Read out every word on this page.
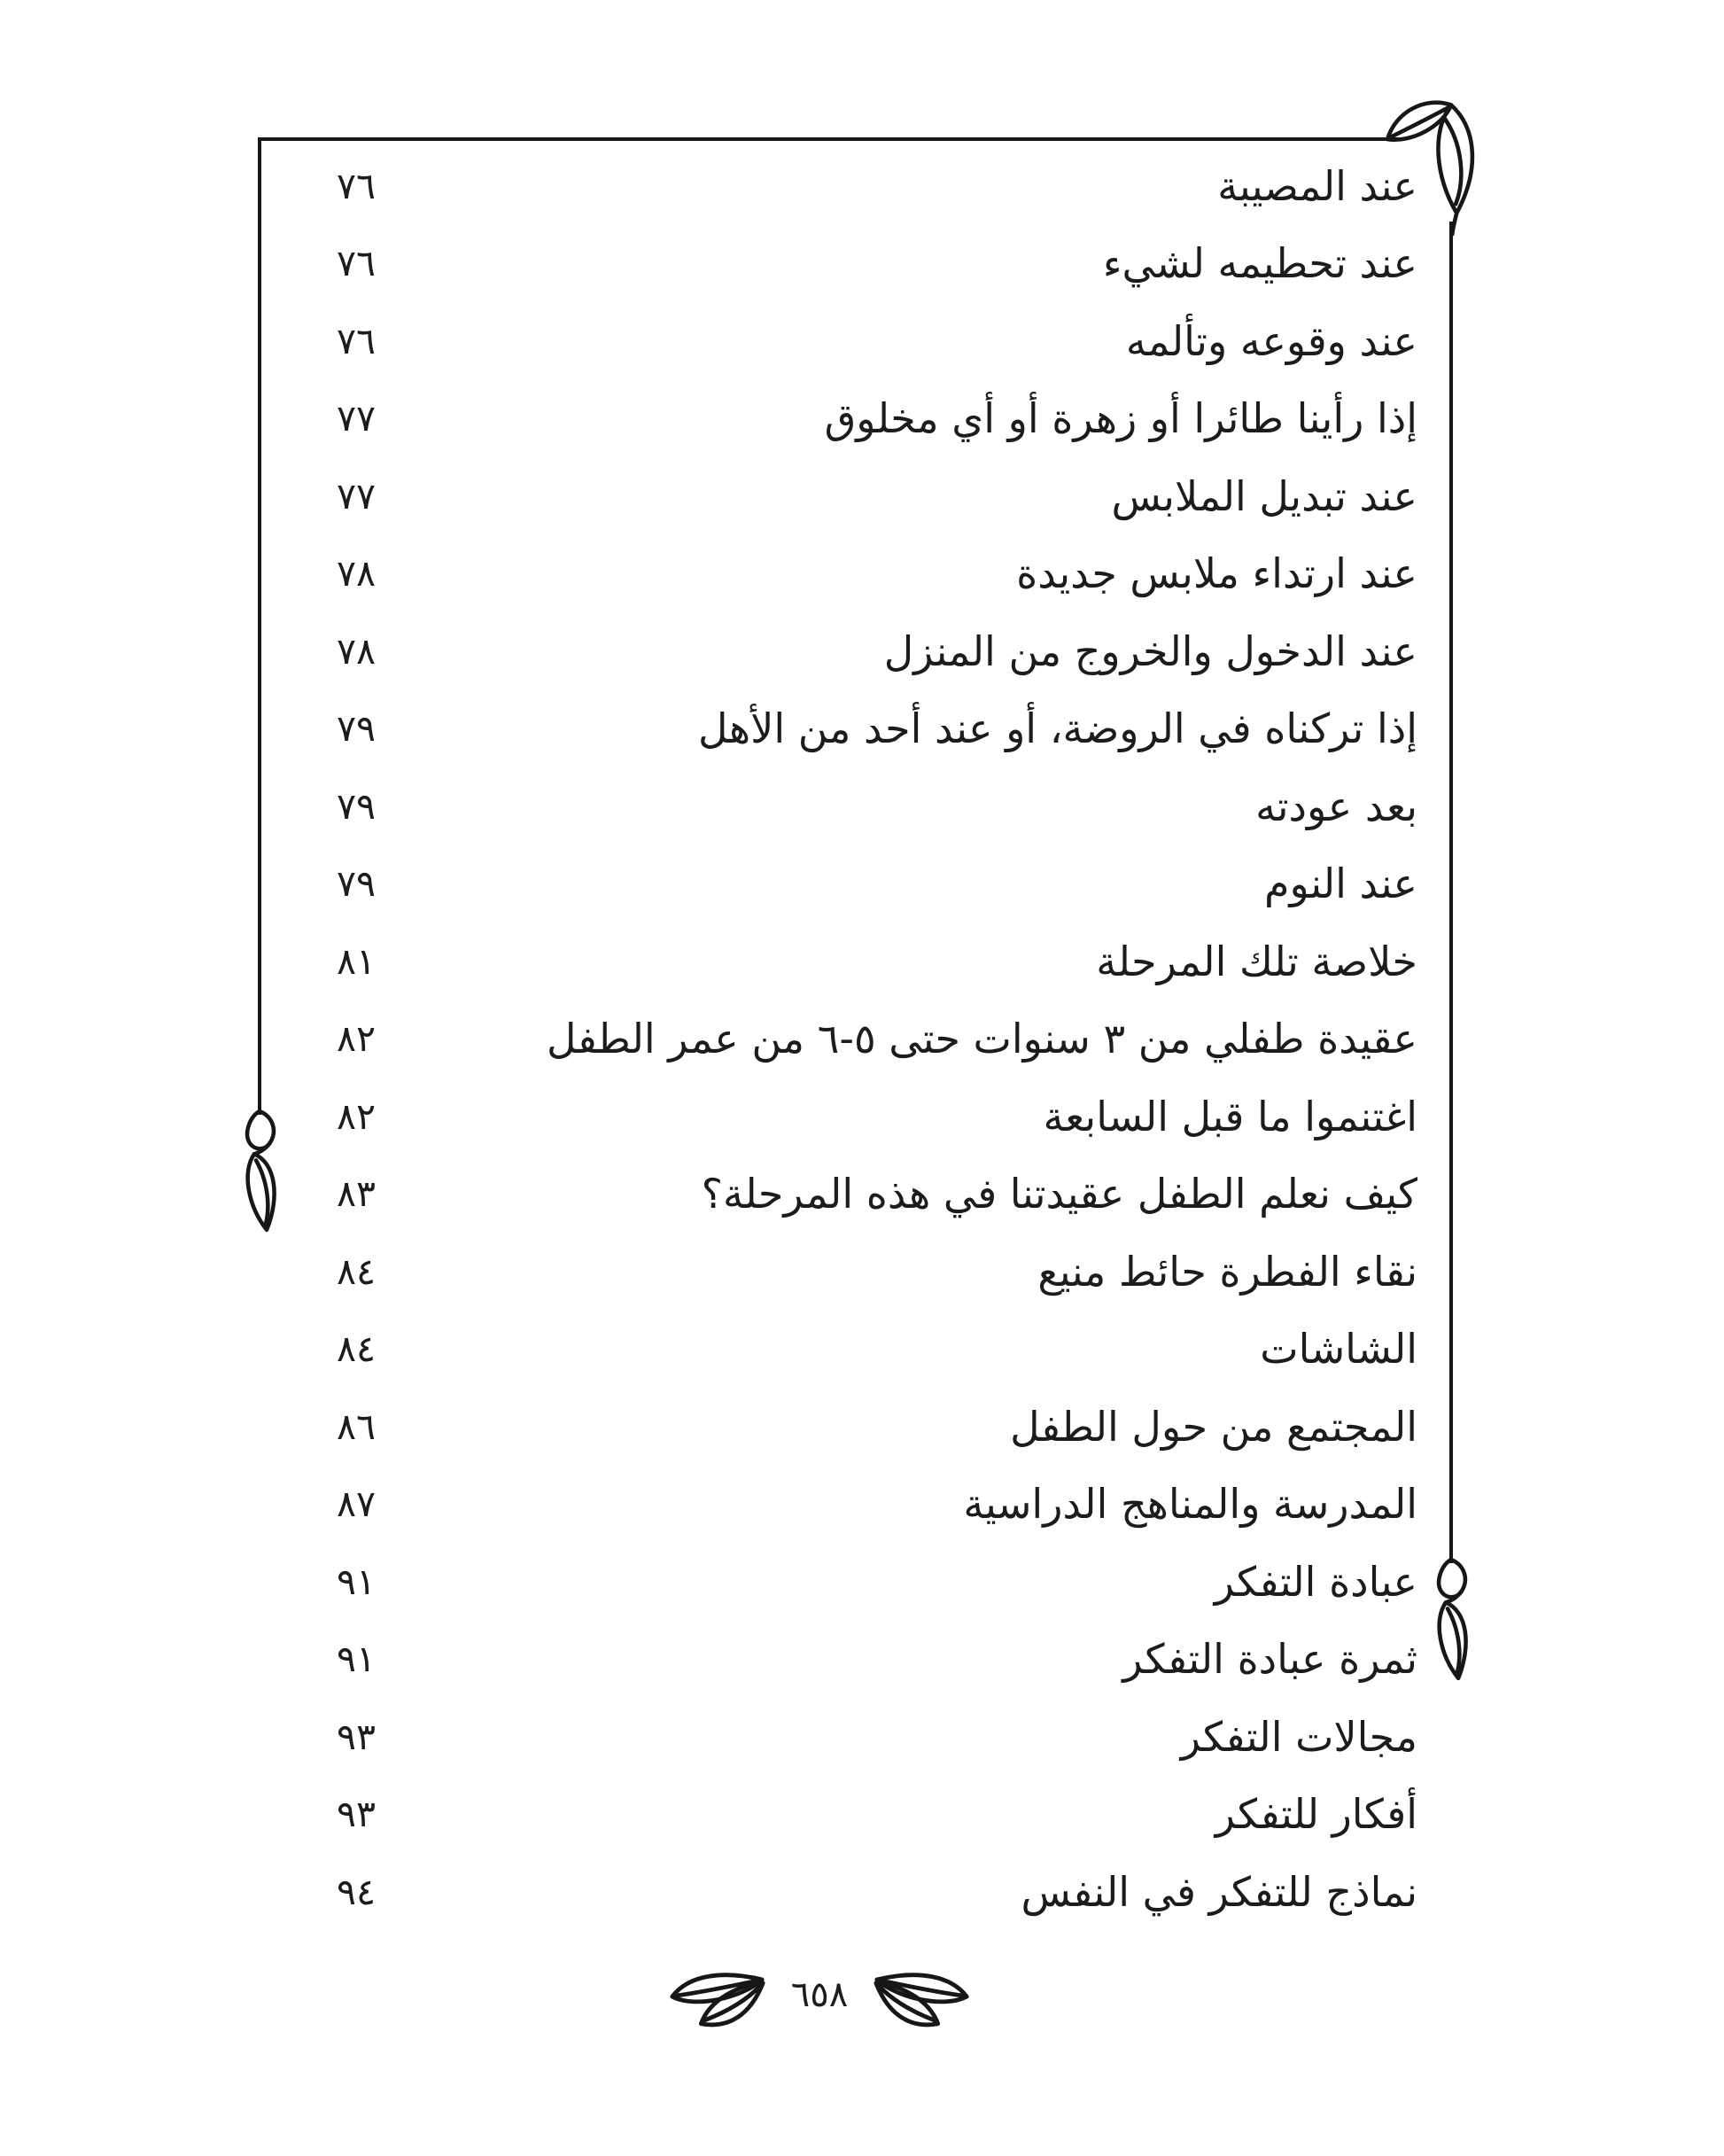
عند المصيبة
٧٦
عند تحطيمه لشيء
٧٦
عند وقوعه وتألمه
٧٦
إذا رأينا طائرا أو زهرة أو أي مخلوق
٧٧
عند تبديل الملابس
٧٧
عند ارتداء ملابس جديدة
٧٨
عند الدخول والخروج من المنزل
٧٨
إذا تركناه في الروضة، أو عند أحد من الأهل
٧٩
بعد عودته
٧٩
عند النوم
٧٩
خلاصة تلك المرحلة
٨١
عقيدة طفلي من ٣ سنوات حتى ٥-٦ من عمر الطفل
٨٢
اغتنموا ما قبل السابعة
٨٢
كيف نعلم الطفل عقيدتنا في هذه المرحلة؟
٨٣
نقاء الفطرة حائط منيع
٨٤
الشاشات
٨٤
المجتمع من حول الطفل
٨٦
المدرسة والمناهج الدراسية
٨٧
عبادة التفكر
٩١
ثمرة عبادة التفكر
٩١
مجالات التفكر
٩٣
أفكار للتفكر
٩٣
نماذج للتفكر في النفس
٩٤
٦٥٨
